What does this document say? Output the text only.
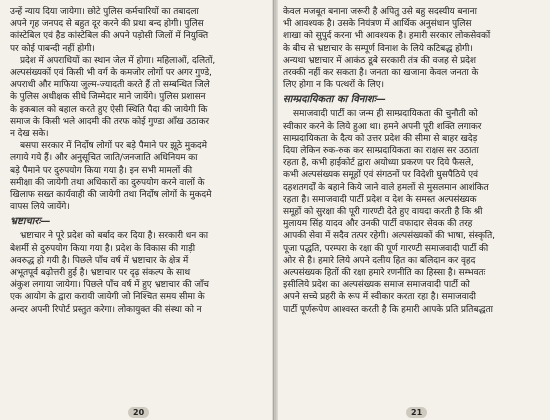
उन्हें न्याय दिया जायेगा। छोटे पुलिस कर्मचारियों का तबादला
अपने गृह जनपद से बहुत दूर करने की प्रथा बन्द होगी। पुलिस
कांस्टेबिल एवं हैड कांस्टेबिल की अपने पड़ोसी जिलों में नियुक्ति
पर कोई पाबन्दी नहीं होगी।
प्रदेश में अपराधियों का स्थान जेल में होगा। महिलाओं, दलितों,
अल्पसंख्यकों एवं किसी भी वर्ग के कमजोर लोगों पर अगर गुण्डे,
अपराधी और माफिया जुल्म-ज्यादती करते हैं तो सम्बन्धित जिले
के पुलिस अधीक्षक सीधे जिम्मेदार माने जायेंगे। पुलिस प्रशासन
के इकबाल को बहाल करते हुए ऐसी स्थिति पैदा की जायेगी कि
समाज के किसी भले आदमी की तरफ कोई गुण्डा आँख उठाकर
न देख सके।
बसपा सरकार में निर्दोष लोगों पर बड़े पैमाने पर झूठे मुकदमे
लगाये गये हैं। और अनुसूचित जाति/जनजाति अधिनियम का
बड़े पैमाने पर दुरुपयोग किया गया है। इन सभी मामलों की
समीक्षा की जायेगी तथा अधिकारों का दुरुपयोग करने वालों के
खिलाफ सख्त कार्यवाही की जायेगी तथा निर्दोष लोगों के मुकदमे
वापस लिये जायेंगे।
भ्रष्टाचारः—
भ्रष्टाचार ने पूरे प्रदेश को बर्बाद कर दिया है। सरकारी धन का
बेशर्मी से दुरुपयोग किया गया है। प्रदेश के विकास की गाड़ी
अवरुद्ध हो गयी है। पिछले पाँच वर्ष में भ्रष्टाचार के क्षेत्र में
अभूतपूर्व बढ़ोत्तरी हुई है। भ्रष्टाचार पर दृढ़ संकल्प के साथ
अंकुश लगाया जायेगा। पिछले पाँच वर्ष में हुए भ्रष्टाचार की जाँच
एक आयोग के द्वारा करायी जायेगी जो निश्चित समय सीमा के
अन्दर अपनी रिपोर्ट प्रस्तुत करेगा। लोकायुक्त की संस्था को न
20
केवल मजबूत बनाना जरूरी है अपितु उसे बहु सदस्यीय बनाना
भी आवश्यक है। उसके नियंत्रण में आर्थिक अनुसंधान पुलिस
शाखा को सुपुर्द करना भी आवश्यक है। हमारी सरकार लोकसेवकों
के बीच से भ्रष्टाचार के सम्पूर्ण विनाश के लिये कटिबद्ध होगी।
अन्यथा भ्रष्टाचार में आकंठ डूबे सरकारी तंत्र की वजह से प्रदेश
तरक्की नहीं कर सकता है। जनता का खजाना केवल जनता के
लिए होगा न कि पत्थरों के लिए।
साम्प्रदायिकता का विनाशः—
समाजवादी पार्टी का जन्म ही साम्प्रदायिकता की चुनौती को
स्वीकार करने के लिये हुआ था। हमने अपनी पूरी शक्ति लगाकर
साम्प्रदायिकता के दैत्य को उत्तर प्रदेश की सीमा से बाहर खदेड़
दिया लेकिन रुक-रुक कर साम्प्रदायिकता का राक्षस सर उठाता
रहता है, कभी हाईकोर्ट द्वारा अयोध्या प्रकरण पर दिये फैसले,
कभी अल्पसंख्यक समूहों एवं संगठनों पर विदेशी घुसपैठिये एवं
दहशतगर्दों के बहाने किये जाने वाले हमलों से मुसलमान आशंकित
रहता है। समाजवादी पार्टी प्रदेश व देश के समस्त अल्पसंख्यक
समूहों को सुरक्षा की पूरी गारण्टी देते हुए वायदा करती है कि श्री
मुलायम सिंह यादव और उनकी पार्टी वफादार सेवक की तरह
आपकी सेवा में सदैव तत्पर रहेगी। अल्पसंख्यकों की भाषा, संस्कृति,
पूजा पद्धति, परम्परा के रक्षा की पूर्ण गारण्टी समाजवादी पार्टी की
ओर से है। हमारे लिये अपने दलीय हित का बलिदान कर वृहद
अल्पसंख्यक हितों की रक्षा हमारे रणनीति का हिस्सा है। सम्भवतः
इसीलिये प्रदेश का अल्पसंख्यक समाज समाजवादी पार्टी को
अपने सच्चे प्रहरी के रूप में स्वीकार करता रहा है। समाजवादी
पार्टी पूर्णरूपेण आश्वस्त करती है कि हमारी आपके प्रति प्रतिबद्धता
21
